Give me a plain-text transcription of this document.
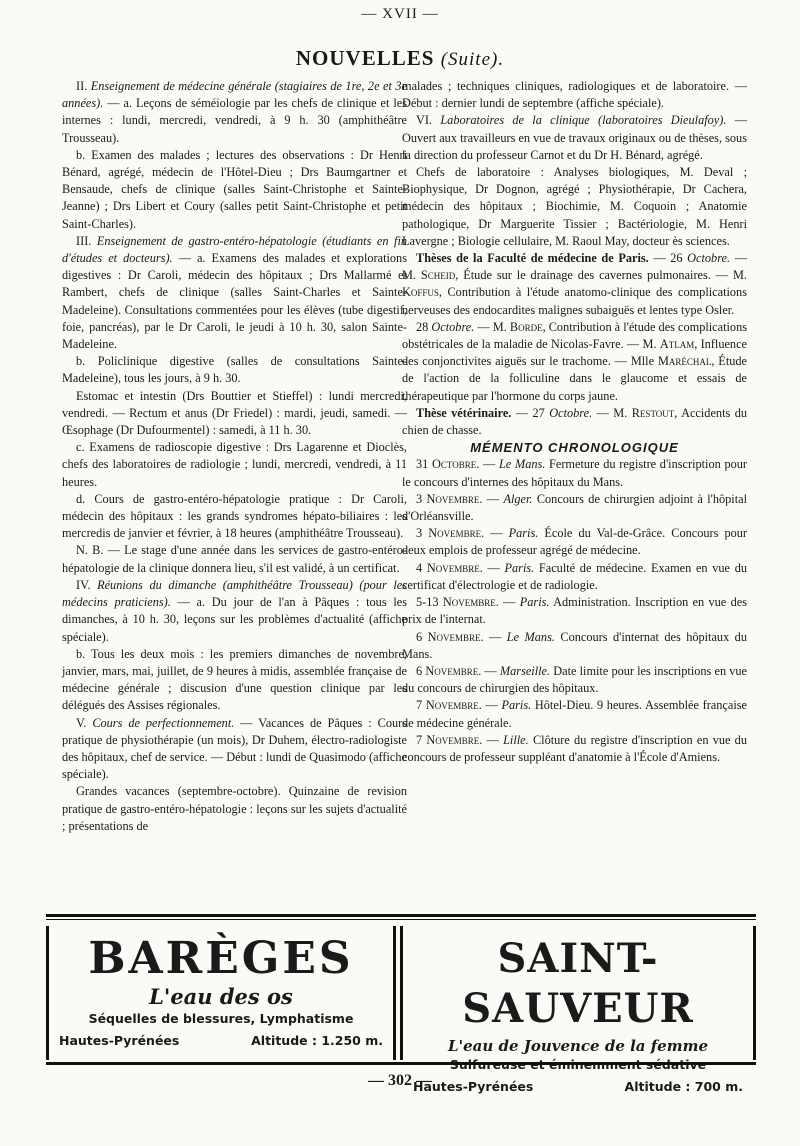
— XVII —
NOUVELLES (Suite).

II. Enseignement de médecine générale (stagiaires de 1re, 2e et 3e années). — a. Leçons de séméiologie par les chefs de clinique et les internes : lundi, mercredi, vendredi, à 9 h. 30 (amphithéâtre Trousseau).

b. Examen des malades ; lectures des observations : Dr Henri Bénard, agrégé, médecin de l'Hôtel-Dieu ; Drs Baumgartner et Bensaude, chefs de clinique (salles Saint-Christophe et Sainte-Jeanne) ; Drs Libert et Coury (salles petit Saint-Christophe et petit Saint-Charles).

III. Enseignement de gastro-entéro-hépatologie (étudiants en fin d'études et docteurs). — a. Examens des malades et explorations digestives : Dr Caroli, médecin des hôpitaux ; Drs Mallarmé et Rambert, chefs de clinique (salles Saint-Charles et Sainte-Madeleine). Consultations commentées pour les élèves (tube digestif, foie, pancréas), par le Dr Caroli, le jeudi à 10 h. 30, salon Sainte-Madeleine.

b. Policlinique digestive (salles de consultations Sainte-Madeleine), tous les jours, à 9 h. 30.

Estomac et intestin (Drs Bouttier et Stieffel) : lundi mercredi, vendredi. — Rectum et anus (Dr Friedel) : mardi, jeudi, samedi. — Œsophage (Dr Dufourmentel) : samedi, à 11 h. 30.

c. Examens de radioscopie digestive : Drs Lagarenne et Dioclès, chefs des laboratoires de radiologie ; lundi, mercredi, vendredi, à 11 heures.

d. Cours de gastro-entéro-hépatologie pratique : Dr Caroli, médecin des hôpitaux : les grands syndromes hépato-biliaires : les mercredis de janvier et février, à 18 heures (amphithéâtre Trousseau).

N. B. — Le stage d'une année dans les services de gastro-entéro-hépatologie de la clinique donnera lieu, s'il est validé, à un certificat.

IV. Réunions du dimanche (amphithéâtre Trousseau) (pour les médecins praticiens). — a. Du jour de l'an à Pâques : tous les dimanches, à 10 h. 30, leçons sur les problèmes d'actualité (affiche spéciale).

b. Tous les deux mois : les premiers dimanches de novembre, janvier, mars, mai, juillet, de 9 heures à midis, assemblée française de médecine générale ; discusion d'une question clinique par les délégués des Assises régionales.

V. Cours de perfectionnement. — Vacances de Pâques : Cours pratique de physiothérapie (un mois), Dr Duhem, électro-radiologiste des hôpitaux, chef de service. — Début : lundi de Quasimodo (affiche spéciale).

Grandes vacances (septembre-octobre). Quinzaine de revision pratique de gastro-entéro-hépatologie : leçons sur les sujets d'actualité ; présentations de

malades ; techniques cliniques, radiologiques et de laboratoire. — Début : dernier lundi de septembre (affiche spéciale).

VI. Laboratoires de la clinique (laboratoires Dieulafoy). — Ouvert aux travailleurs en vue de travaux originaux ou de thèses, sous la direction du professeur Carnot et du Dr H. Bénard, agrégé.

Chefs de laboratoire : Analyses biologiques, M. Deval ; Biophysique, Dr Dognon, agrégé ; Physiothérapie, Dr Cachera, médecin des hôpitaux ; Biochimie, M. Coquoin ; Anatomie pathologique, Dr Marguerite Tissier ; Bactériologie, M. Henri Lavergne ; Biologie cellulaire, M. Raoul May, docteur ès sciences.

Thèses de la Faculté de médecine de Paris. — 26 Octobre. — M. Scheid, Étude sur le drainage des cavernes pulmonaires. — M. Koffus, Contribution à l'étude anatomo-clinique des complications nerveuses des endocardites malignes subaiguës et lentes type Osler.

28 Octobre. — M. Borde, Contribution à l'étude des complications obstétricales de la maladie de Nicolas-Favre. — M. Atlam, Influence des conjonctivites aiguës sur le trachome. — Mlle Maréchal, Étude de l'action de la folliculine dans le glaucome et essais de thérapeutique par l'hormone du corps jaune.

Thèse vétérinaire. — 27 Octobre. — M. Restout, Accidents du chien de chasse.

MÉMENTO CHRONOLOGIQUE

31 Octobre. — Le Mans. Fermeture du registre d'inscription pour le concours d'internes des hôpitaux du Mans.

3 Novembre. — Alger. Concours de chirurgien adjoint à l'hôpital d'Orléansville.

3 Novembre. — Paris. École du Val-de-Grâce. Concours pour deux emplois de professeur agrégé de médecine.

4 Novembre. — Paris. Faculté de médecine. Examen en vue du certificat d'électrologie et de radiologie.

5-13 Novembre. — Paris. Administration. Inscription en vue des prix de l'internat.

6 Novembre. — Le Mans. Concours d'internat des hôpitaux du Mans.

6 Novembre. — Marseille. Date limite pour les inscriptions en vue du concours de chirurgien des hôpitaux.

7 Novembre. — Paris. Hôtel-Dieu. 9 heures. Assemblée française de médecine générale.

7 Novembre. — Lille. Clôture du registre d'inscription en vue du concours de professeur suppléant d'anatomie à l'École d'Amiens.

BARÈGES
L'eau des os
Séquelles de blessures, Lymphatisme
Hautes-Pyrénées	Altitude : 1.250 m.
SAINT-SAUVEUR
L'eau de Jouvence de la femme
Hautes-Pyrénées	Altitude : 700 m.
— 302 —
